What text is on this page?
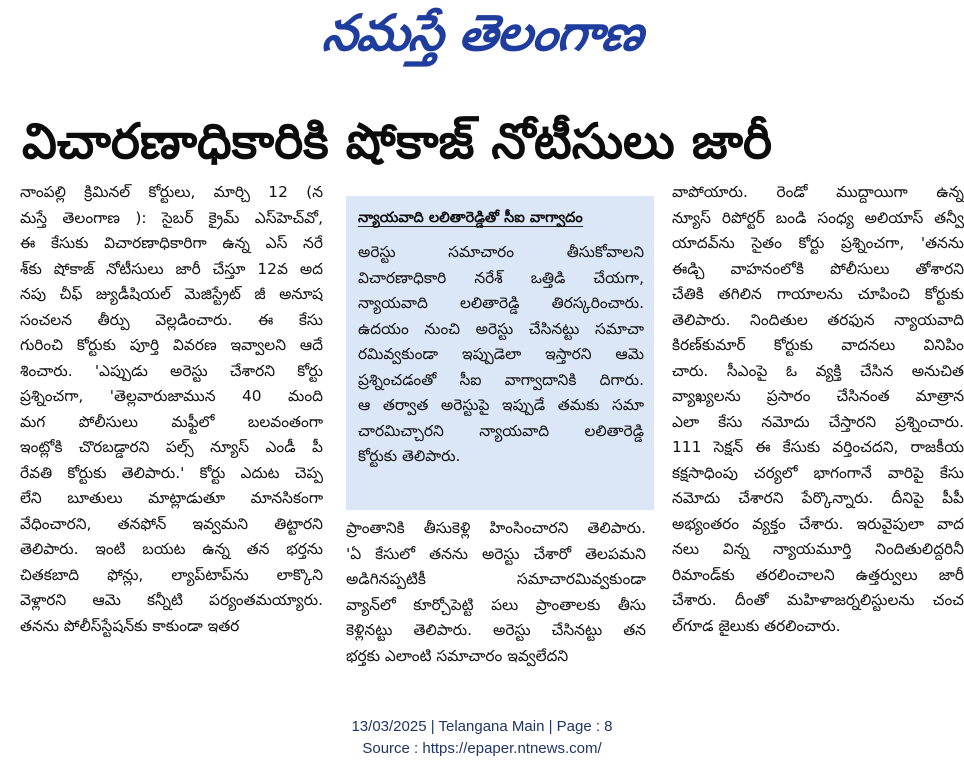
నమస్తే తెలంగాణ
విచారణాధికారికి షోకాజ్ నోటీసులు జారీ

నాంపల్లి క్రిమినల్ కోర్టులు, మార్చి 12 (న

మస్తే తెలంగాణ ): సైబర్ క్రైమ్ ఎస్‌హెచ్‌వో,

ఈ కేసుకు విచారణాధికారిగా ఉన్న ఎస్ నరే

శ్‌కు షోకాజ్ నోటీసులు జారీ చేస్తూ 12వ అద

నపు చీఫ్ జ్యుడీషియల్ మెజిస్ట్రేట్ జీ అనూష

సంచలన తీర్పు వెల్లడించారు. ఈ కేసు

గురించి కోర్టుకు పూర్తి వివరణ ఇవ్వాలని ఆదే

శించారు. 'ఎప్పుడు అరెస్టు చేశారని కోర్టు

ప్రశ్నించగా, 'తెల్లవారుజామున 40 మంది

మగ పోలీసులు మఫ్టీలో బలవంతంగా

ఇంట్లోకి చొరబడ్డారని పల్స్ న్యూస్ ఎండీ పీ

రేవతి కోర్టుకు తెలిపారు.' కోర్టు ఎదుట చెప్ప

లేని బూతులు మాట్లాడుతూ మానసికంగా

వేధించారని, తనఫోన్ ఇవ్వమని తిట్టారని

తెలిపారు. ఇంటి బయట ఉన్న తన భర్తను

చితకబాది ఫోన్లు, ల్యాప్‌టాప్‌ను లాక్కొని

వెళ్లారని ఆమె కన్నీటి పర్యంతమయ్యారు.

తనను పోలీస్‌స్టేషన్‌కు కాకుండా ఇతర

న్యాయవాది లలితారెడ్డితో సీఐ వాగ్వాదం

అరెస్టు సమాచారం తీసుకోవాలని

విచారణాధికారి నరేశ్ ఒత్తిడి చేయగా,

న్యాయవాది లలితారెడ్డి తిరస్కరించారు.

ఉదయం నుంచి అరెస్టు చేసినట్టు సమాచా

రమివ్వకుండా ఇప్పుడెలా ఇస్తారని ఆమె

ప్రశ్నించడంతో సీఐ వాగ్వాదానికి దిగారు.

ఆ తర్వాత అరెస్టుపై ఇప్పుడే తమకు సమా

చారమిచ్చారని న్యాయవాది లలితారెడ్డి

కోర్టుకు తెలిపారు.

ప్రాంతానికి తీసుకెళ్లి హింసించారని తెలిపారు.

'ఏ కేసులో తనను అరెస్టు చేశారో తెలపమని

అడిగినప్పటికీ సమాచారమివ్వకుండా

వ్యాన్‌లో కూర్చోపెట్టి పలు ప్రాంతాలకు తీసు

కెళ్లినట్టు తెలిపారు. అరెస్టు చేసినట్టు తన

భర్తకు ఎలాంటి సమాచారం ఇవ్వలేదని

వాపోయారు. రెండో ముద్దాయిగా ఉన్న

న్యూస్ రిపోర్టర్ బండి సంధ్య అలియాస్ తన్వీ

యాదవ్‌ను సైతం కోర్టు ప్రశ్నించగా, 'తనను

ఈడ్చి వాహనంలోకి పోలీసులు తోశారని

చేతికి తగిలిన గాయాలను చూపించి కోర్టుకు

తెలిపారు. నిందితుల తరఫున న్యాయవాది

కిరణ్‌కుమార్ కోర్టుకు వాదనలు వినిపిం

చారు. సీఎంపై ఓ వ్యక్తి చేసిన అనుచిత

వ్యాఖ్యలను ప్రసారం చేసినంత మాత్రాన

ఎలా కేసు నమోదు చేస్తారని ప్రశ్నించారు.

111 సెక్షన్ ఈ కేసుకు వర్తించదని, రాజకీయ

కక్షసాధింపు చర్యలో భాగంగానే వారిపై కేసు

నమోదు చేశారని పేర్కొన్నారు. దీనిపై పీపీ

అభ్యంతరం వ్యక్తం చేశారు. ఇరువైపులా వాద

నలు విన్న న్యాయమూర్తి నిందితులిద్దరినీ

రిమాండ్‌కు తరలించాలని ఉత్తర్వులు జారీ

చేశారు. దీంతో మహిళాజర్నలిస్టులను చంచ

ల్‌గూడ జైలుకు తరలించారు.

13/03/2025 | Telangana Main | Page : 8
Source : https://epaper.ntnews.com/
